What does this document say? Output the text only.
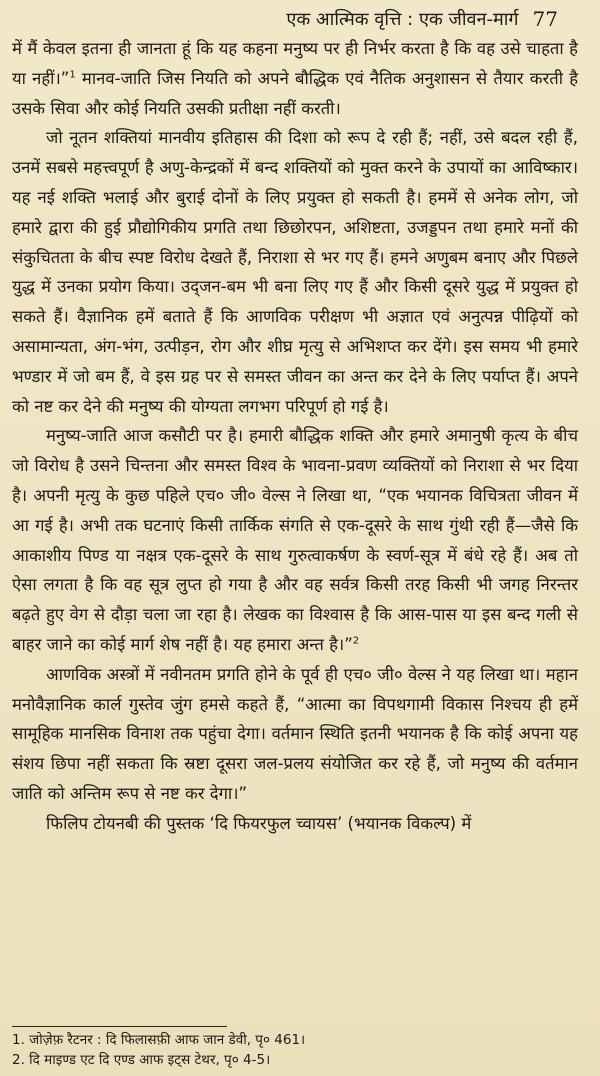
एक आत्मिक वृत्ति : एक जीवन-मार्ग 77

में मैं केवल इतना ही जानता हूं कि यह कहना मनुष्य पर ही निर्भर करता है कि वह उसे चाहता है या नहीं।”$^1$ मानव-जाति जिस नियति को अपने बौद्धिक एवं नैतिक अनुशासन से तैयार करती है उसके सिवा और कोई नियति उसकी प्रतीक्षा नहीं करती।

जो नूतन शक्तियां मानवीय इतिहास की दिशा को रूप दे रही हैं; नहीं, उसे बदल रही हैं, उनमें सबसे महत्त्वपूर्ण है अणु-केन्द्रकों में बन्द शक्तियों को मुक्त करने के उपायों का आविष्कार। यह नई शक्ति भलाई और बुराई दोनों के लिए प्रयुक्त हो सकती है। हममें से अनेक लोग, जो हमारे द्वारा की हुई प्रौद्योगिकीय प्रगति तथा छिछोरपन, अशिष्टता, उजड्डपन तथा हमारे मनों की संकुचितता के बीच स्पष्ट विरोध देखते हैं, निराशा से भर गए हैं। हमने अणुबम बनाए और पिछले युद्ध में उनका प्रयोग किया। उद्‌जन-बम भी बना लिए गए हैं और किसी दूसरे युद्ध में प्रयुक्त हो सकते हैं। वैज्ञानिक हमें बताते हैं कि आणविक परीक्षण भी अज्ञात एवं अनुत्पन्न पीढ़ियों को असामान्यता, अंग-भंग, उत्पीड़न, रोग और शीघ्र मृत्यु से अभिशप्त कर देंगे। इस समय भी हमारे भण्डार में जो बम हैं, वे इस ग्रह पर से समस्त जीवन का अन्त कर देने के लिए पर्याप्त हैं। अपने को नष्ट कर देने की मनुष्य की योग्यता लगभग परिपूर्ण हो गई है।

मनुष्य-जाति आज कसौटी पर है। हमारी बौद्धिक शक्ति और हमारे अमानुषी कृत्य के बीच जो विरोध है उसने चिन्तना और समस्त विश्व के भावना-प्रवण व्यक्तियों को निराशा से भर दिया है। अपनी मृत्यु के कुछ पहिले एच० जी० वेल्स ने लिखा था, “एक भयानक विचित्रता जीवन में आ गई है। अभी तक घटनाएं किसी तार्किक संगति से एक-दूसरे के साथ गुंथी रही हैं—जैसे कि आकाशीय पिण्ड या नक्षत्र एक-दूसरे के साथ गुरुत्वाकर्षण के स्वर्ण-सूत्र में बंधे रहे हैं। अब तो ऐसा लगता है कि वह सूत्र लुप्त हो गया है और वह सर्वत्र किसी तरह किसी भी जगह निरन्तर बढ़ते हुए वेग से दौड़ा चला जा रहा है। लेखक का विश्वास है कि आस-पास या इस बन्द गली से बाहर जाने का कोई मार्ग शेष नहीं है। यह हमारा अन्त है।”$^2$

आणविक अस्त्रों में नवीनतम प्रगति होने के पूर्व ही एच० जी० वेल्स ने यह लिखा था। महान मनोवैज्ञानिक कार्ल गुस्तेव जुंग हमसे कहते हैं, “आत्मा का विपथगामी विकास निश्चय ही हमें सामूहिक मानसिक विनाश तक पहुंचा देगा। वर्तमान स्थिति इतनी भयानक है कि कोई अपना यह संशय छिपा नहीं सकता कि स्रष्टा दूसरा जल-प्रलय संयोजित कर रहे हैं, जो मनुष्य की वर्तमान जाति को अन्तिम रूप से नष्ट कर देगा।”

फिलिप टोयनबी की पुस्तक ‘दि फियरफुल च्वायस’ (भयानक विकल्प) में

1. जोज़ेफ़ रैटनर : दि फिलासफ़ी आफ जान डेवी, पृ० 461।
2. दि माइण्ड एट दि एण्ड आफ इट्स टेथर, पृ० 4-5।
